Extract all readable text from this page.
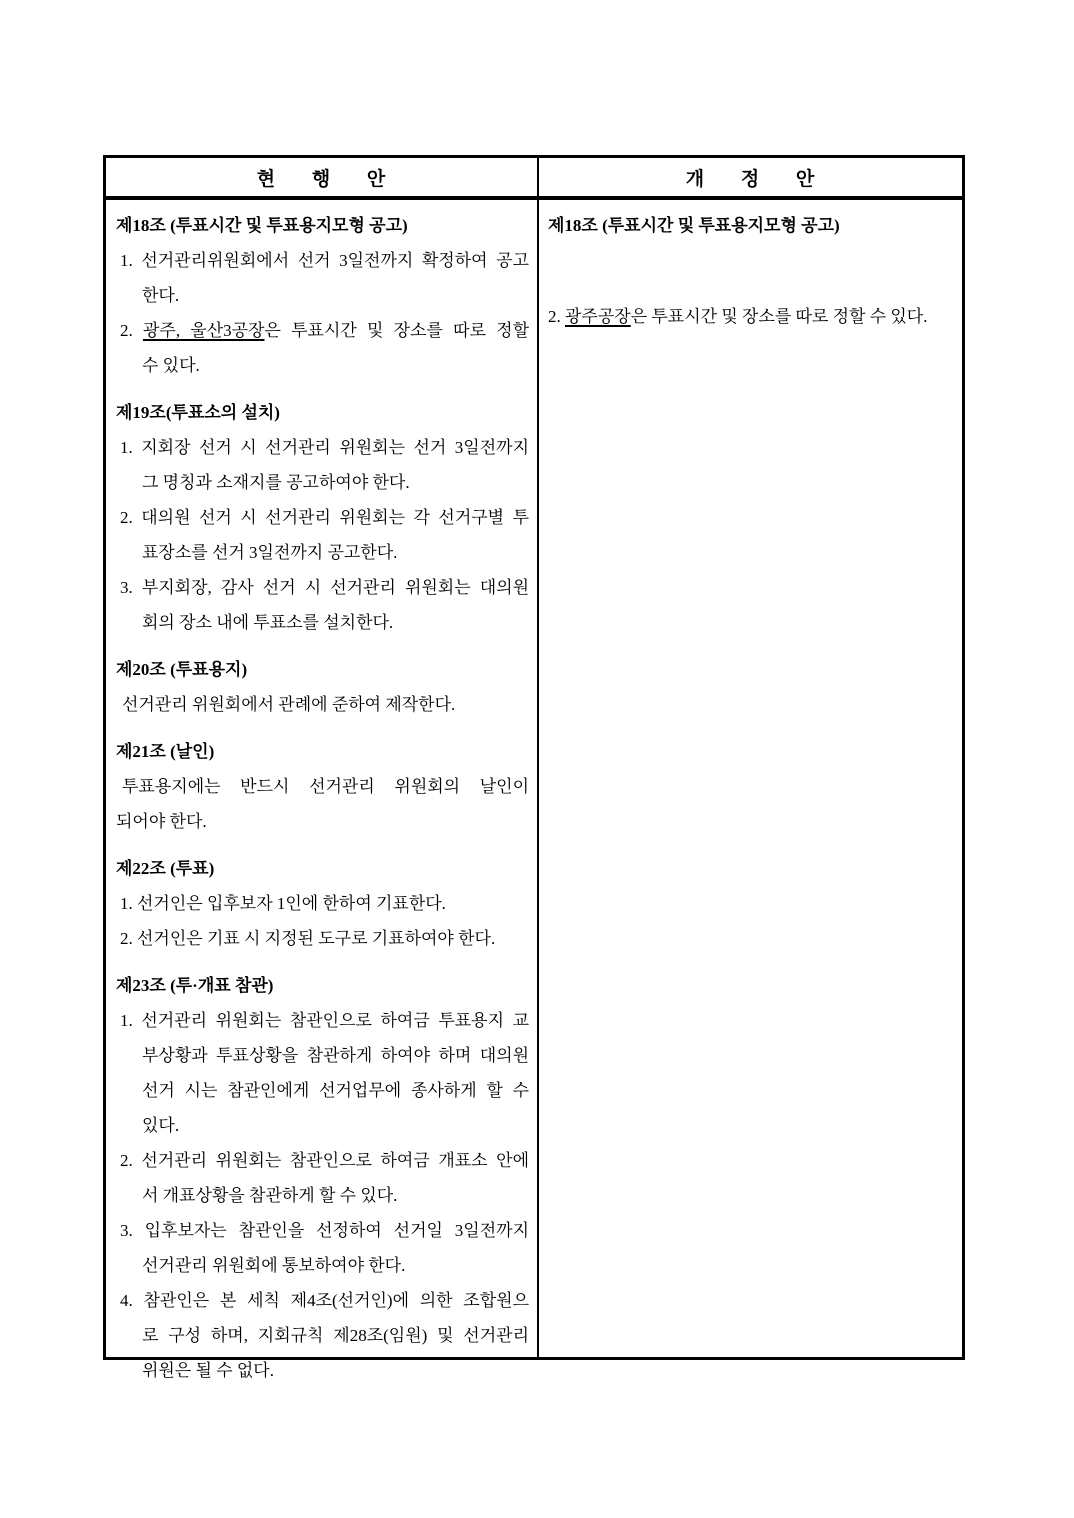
현 행 안	개 정 안
제18조 (투표시간 및 투표용지모형 공고)
1. 선거관리위원회에서 선거 3일전까지 확정하여 공고
한다.
2. 광주, 울산3공장은 투표시간 및 장소를 따로 정할
수 있다.
제19조(투표소의 설치)
1. 지회장 선거 시 선거관리 위원회는 선거 3일전까지
그 명칭과 소재지를 공고하여야 한다.
2. 대의원 선거 시 선거관리 위원회는 각 선거구별 투
표장소를 선거 3일전까지 공고한다.
3. 부지회장, 감사 선거 시 선거관리 위원회는 대의원
회의 장소 내에 투표소를 설치한다.
제20조 (투표용지)
선거관리 위원회에서 관례에 준하여 제작한다.
제21조 (날인)
투표용지에는 반드시 선거관리 위원회의 날인이
되어야 한다.
제22조 (투표)
1. 선거인은 입후보자 1인에 한하여 기표한다.
2. 선거인은 기표 시 지정된 도구로 기표하여야 한다.
제23조 (투·개표 참관)
1. 선거관리 위원회는 참관인으로 하여금 투표용지 교
부상황과 투표상황을 참관하게 하여야 하며 대의원
선거 시는 참관인에게 선거업무에 종사하게 할 수
있다.
2. 선거관리 위원회는 참관인으로 하여금 개표소 안에
서 개표상황을 참관하게 할 수 있다.
3. 입후보자는 참관인을 선정하여 선거일 3일전까지
선거관리 위원회에 통보하여야 한다.
4. 참관인은 본 세칙 제4조(선거인)에 의한 조합원으
로 구성 하며, 지회규칙 제28조(임원) 및 선거관리
위원은 될 수 없다.
제18조 (투표시간 및 투표용지모형 공고)
2. 광주공장은 투표시간 및 장소를 따로 정할 수 있다.
